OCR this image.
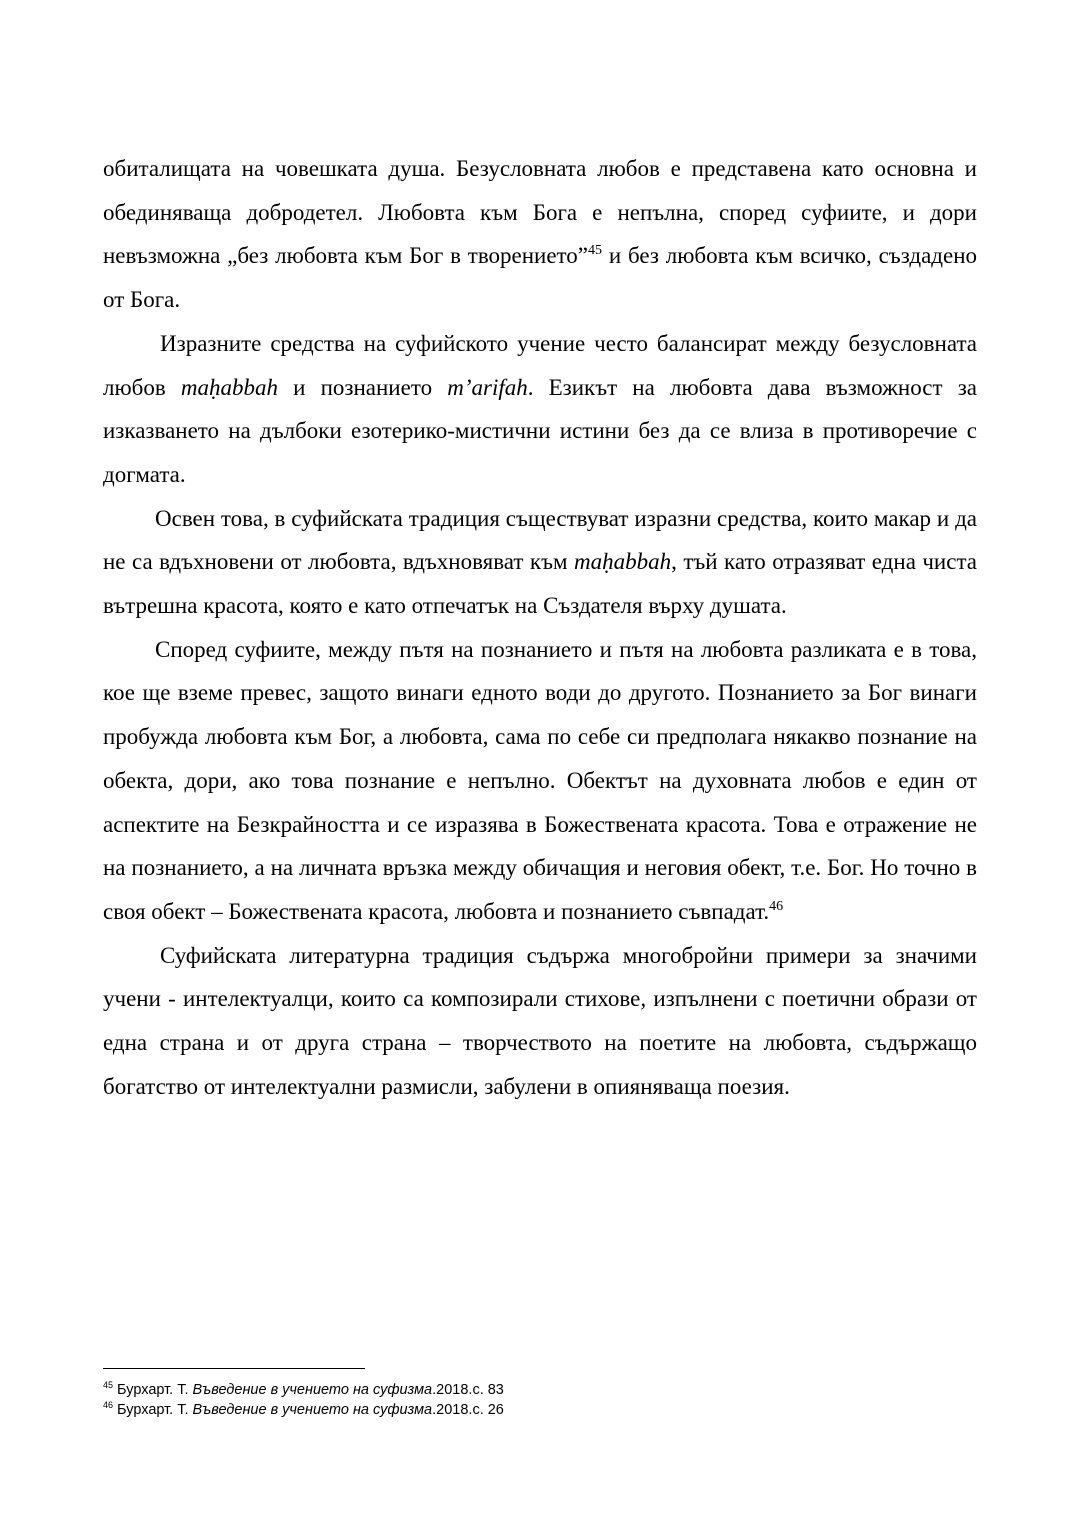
обиталищата на човешката душа. Безусловната любов е представена като основна и обединяваща добродетел. Любовта към Бога е непълна, според суфиите, и дори невъзможна „без любовта към Бог в творението”$^{45}$ и без любовта към всичко, създадено от Бога.

Изразните средства на суфийското учение често балансират между безусловната любов maḥabbah и познанието m’arifah. Езикът на любовта дава възможност за изказването на дълбоки езотерико-мистични истини без да се влиза в противоречие с догмата.

Освен това, в суфийската традиция съществуват изразни средства, които макар и да не са вдъхновени от любовта, вдъхновяват към maḥabbah, тъй като отразяват една чиста вътрешна красота, която е като отпечатък на Създателя върху душата.

Според суфиите, между пътя на познанието и пътя на любовта разликата е в това, кое ще вземе превес, защото винаги едното води до другото. Познанието за Бог винаги пробужда любовта към Бог, а любовта, сама по себе си предполага някакво познание на обекта, дори, ако това познание е непълно. Обектът на духовната любов е един от аспектите на Безкрайността и се изразява в Божествената красота. Това е отражение не на познанието, а на личната връзка между обичащия и неговия обект, т.е. Бог. Но точно в своя обект – Божествената красота, любовта и познанието съвпадат.$^{46}$

Суфийската литературна традиция съдържа многобройни примери за значими учени - интелектуалци, които са композирали стихове, изпълнени с поетични образи от една страна и от друга страна – творчеството на поетите на любовта, съдържащо богатство от интелектуални размисли, забулени в опияняваща поезия.

$^{45}$ Бурхарт. Т. Въведение в учението на суфизма.2018.с. 83
$^{46}$ Бурхарт. Т. Въведение в учението на суфизма.2018.с. 26
